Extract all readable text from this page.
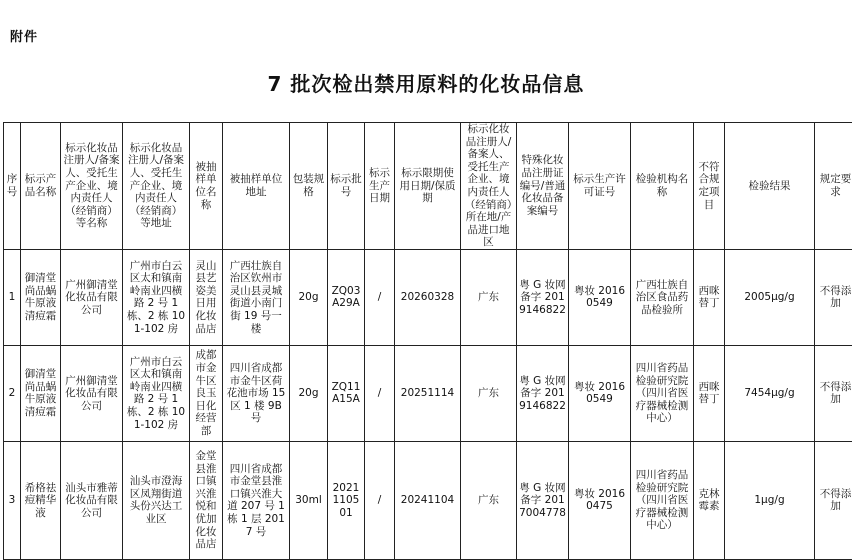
附件
7 批次检出禁用原料的化妆品信息
序号	标示产品名称	标示化妆品注册人/备案人、受托生产企业、境内责任人（经销商）等名称	标示化妆品注册人/备案人、受托生产企业、境内责任人（经销商）等地址	被抽样单位名称	被抽样单位地址	包装规格	标示批号	标示生产日期	标示限期使用日期/保质期	标示化妆品注册人/备案人、受托生产企业、境内责任人（经销商）所在地/产品进口地区	特殊化妆品注册证编号/普通化妆品备案编号	标示生产许可证号	检验机构名称	不符合规定项目	检验结果	规定要求
1	御清堂尚品蜗牛原液清痘霜	广州御清堂化妆品有限公司	广州市白云区太和镇南岭南业四横路 2 号 1 栋、2 栋 101-102 房	灵山县艺姿美日用化妆品店	广西壮族自治区钦州市灵山县灵城街道小南门街 19 号一楼	20g	ZQ03A29A	/	20260328	广东	粤 G 妆网备字 2019146822	粤妆 20160549	广西壮族自治区食品药品检验所	西咪替丁	2005μg/g	不得添加
2	御清堂尚品蜗牛原液清痘霜	广州御清堂化妆品有限公司	广州市白云区太和镇南岭南业四横路 2 号 1 栋、2 栋 101-102 房	成都市金牛区良玉日化经营部	四川省成都市金牛区荷花池市场 15 区 1 楼 9B 号	20g	ZQ11A15A	/	20251114	广东	粤 G 妆网备字 2019146822	粤妆 20160549	四川省药品检验研究院（四川省医疗器械检测中心）	西咪替丁	7454μg/g	不得添加
3	希格祛痘精华液	汕头市雅蒂化妆品有限公司	汕头市澄海区凤翔街道头份兴达工业区	金堂县淮口镇兴淮悦和优加化妆品店	四川省成都市金堂县淮口镇兴淮大道 207 号 1 栋 1 层 2017 号	30ml	2021110501	/	20241104	广东	粤 G 妆网备字 2017004778	粤妆 20160475	四川省药品检验研究院（四川省医疗器械检测中心）	克林霉素	1μg/g	不得添加
